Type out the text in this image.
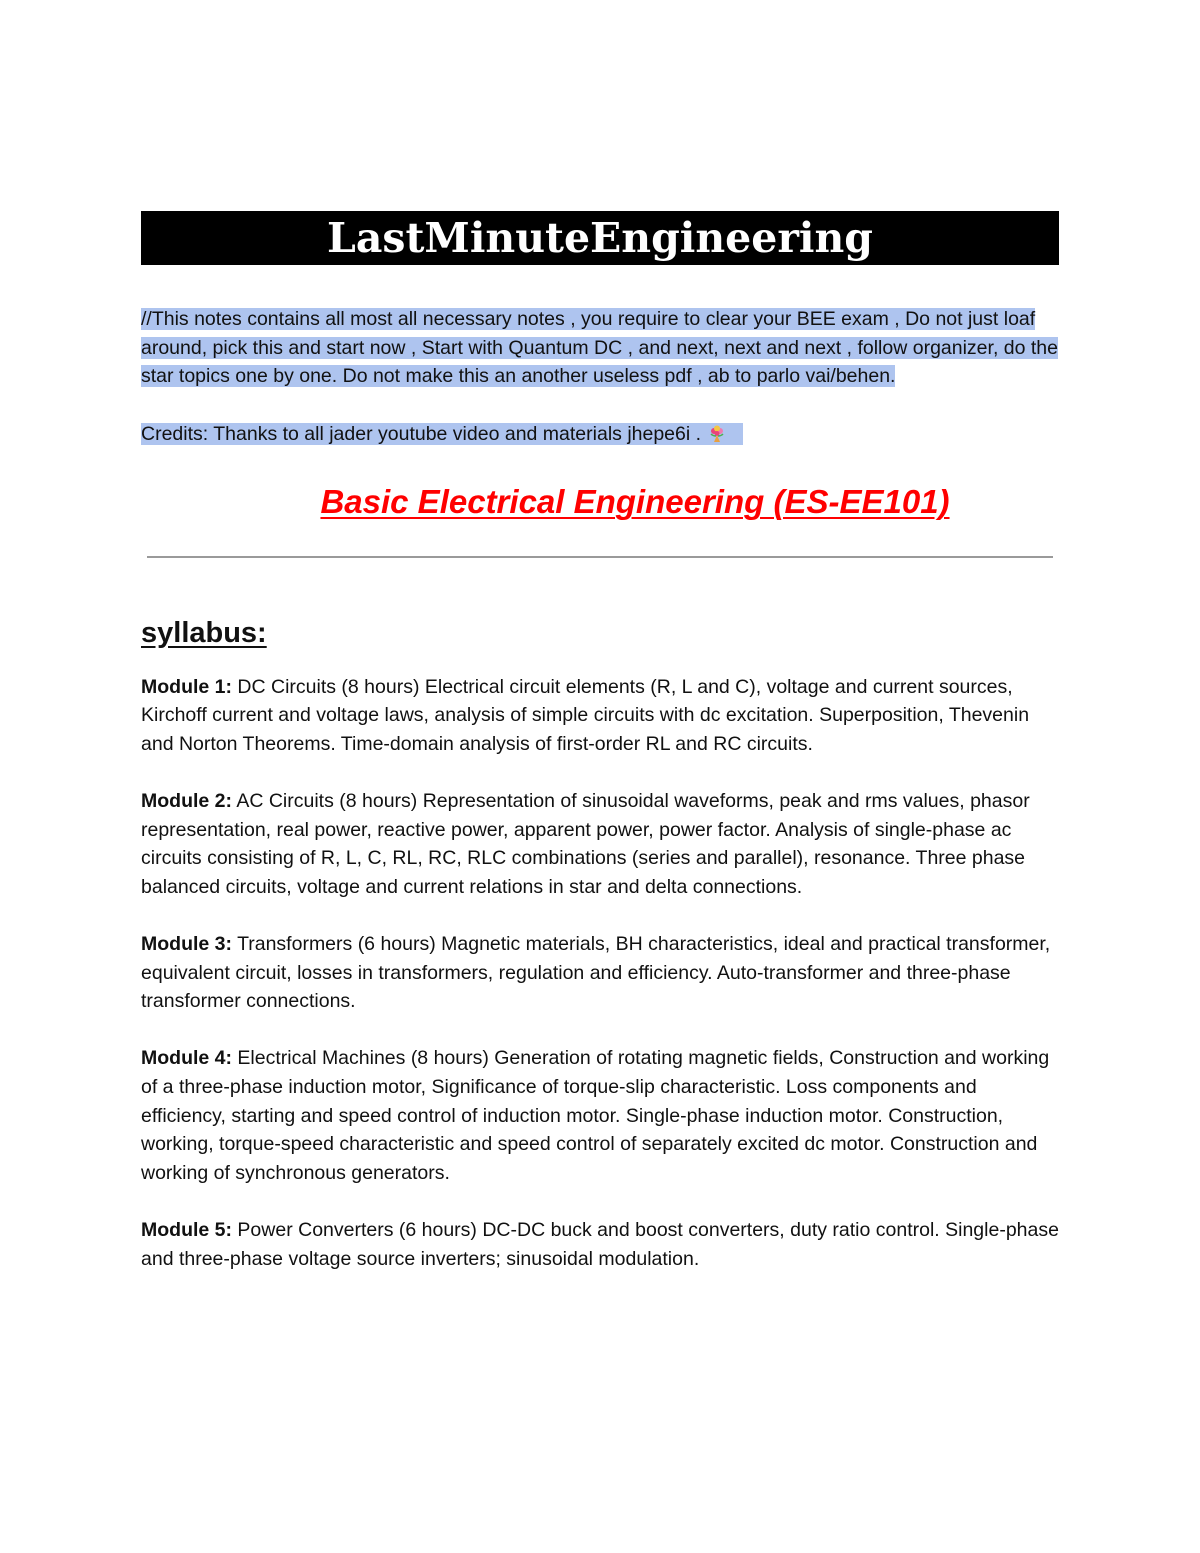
LastMinuteEngineering
//This notes contains all most all necessary notes , you require to clear your BEE exam , Do not just loaf around, pick this and start now , Start with Quantum DC , and next, next and next , follow organizer, do the star topics one by one. Do not make this an another useless pdf , ab to parlo vai/behen.
Credits: Thanks to all jader youtube video and materials jhepe6i .
Basic Electrical Engineering (ES-EE101)
syllabus:
Module 1: DC Circuits (8 hours) Electrical circuit elements (R, L and C), voltage and current sources, Kirchoff current and voltage laws, analysis of simple circuits with dc excitation. Superposition, Thevenin and Norton Theorems. Time-domain analysis of first-order RL and RC circuits.
Module 2: AC Circuits (8 hours) Representation of sinusoidal waveforms, peak and rms values, phasor representation, real power, reactive power, apparent power, power factor. Analysis of single-phase ac circuits consisting of R, L, C, RL, RC, RLC combinations (series and parallel), resonance. Three phase balanced circuits, voltage and current relations in star and delta connections.
Module 3: Transformers (6 hours) Magnetic materials, BH characteristics, ideal and practical transformer, equivalent circuit, losses in transformers, regulation and efficiency. Auto-transformer and three-phase transformer connections.
Module 4: Electrical Machines (8 hours) Generation of rotating magnetic fields, Construction and working of a three-phase induction motor, Significance of torque-slip characteristic. Loss components and efficiency, starting and speed control of induction motor. Single-phase induction motor. Construction, working, torque-speed characteristic and speed control of separately excited dc motor. Construction and working of synchronous generators.
Module 5: Power Converters (6 hours) DC-DC buck and boost converters, duty ratio control. Single-phase and three-phase voltage source inverters; sinusoidal modulation.
